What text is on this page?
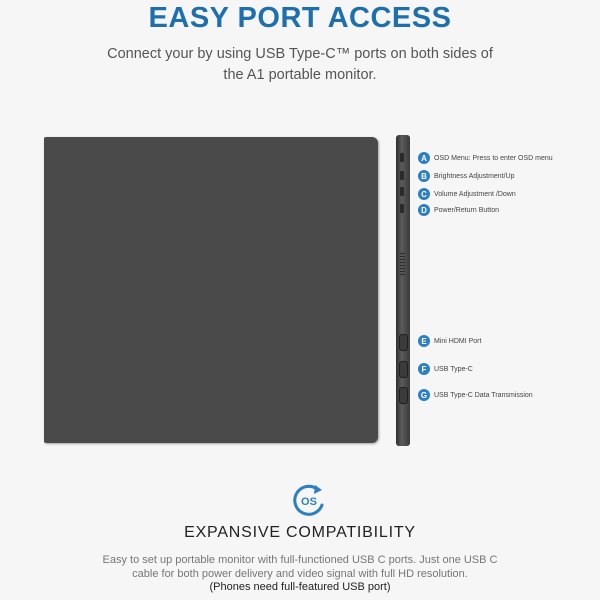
EASY PORT ACCESS
Connect your by using USB Type-C™ ports on both sides of the A1 portable monitor.
A	OSD Menu: Press to enter OSD menu
B	Brightness Adjustment/Up
C	Volume Adjustment /Down
D	Power/Return Button
E	Mini HDMI Port
F	USB Type-C
G USB Type-C Data Transmission
OS
EXPANSIVE COMPATIBILITY
Easy to set up portable monitor with full-functioned USB C ports. Just one USB C cable for both power delivery and video signal with full HD resolution.
(Phones need full-featured USB port)
